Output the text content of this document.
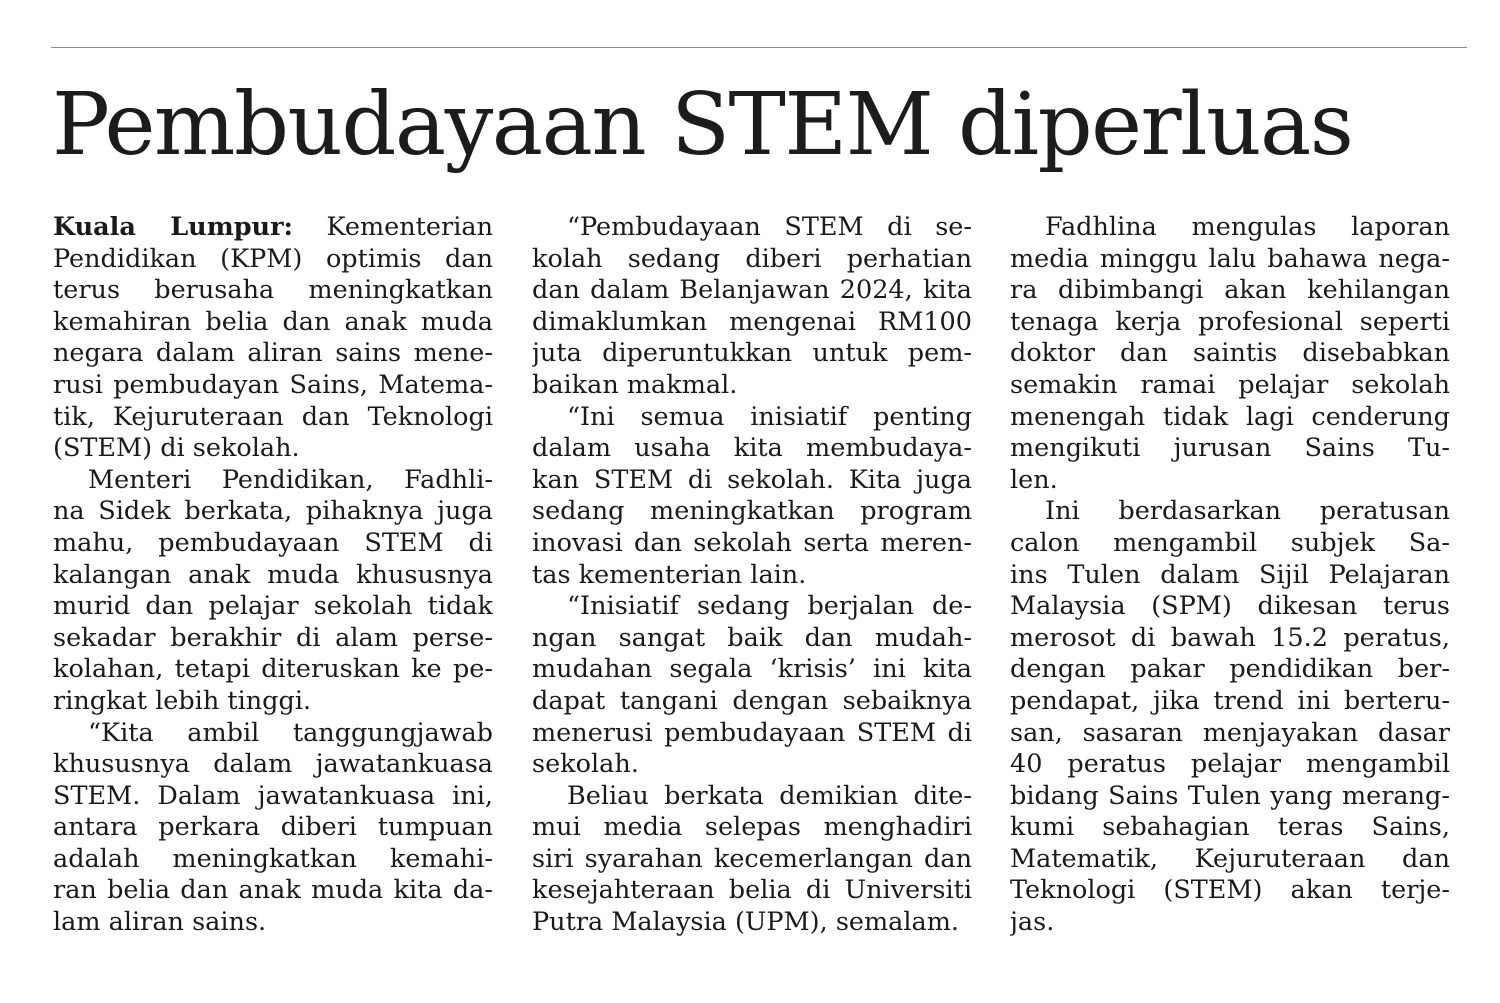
Pembudayaan STEM diperluas
Kuala Lumpur: Kementerian
Pendidikan (KPM) optimis dan
terus berusaha meningkatkan
kemahiran belia dan anak muda
negara dalam aliran sains mene-
rusi pembudayan Sains, Matema-
tik, Kejuruteraan dan Teknologi
(STEM) di sekolah.
Menteri Pendidikan, Fadhli-
na Sidek berkata, pihaknya juga
mahu, pembudayaan STEM di
kalangan anak muda khususnya
murid dan pelajar sekolah tidak
sekadar berakhir di alam perse-
kolahan, tetapi diteruskan ke pe-
ringkat lebih tinggi.
“Kita ambil tanggungjawab
khususnya dalam jawatankuasa
STEM. Dalam jawatankuasa ini,
antara perkara diberi tumpuan
adalah meningkatkan kemahi-
ran belia dan anak muda kita da-
lam aliran sains.
“Pembudayaan STEM di se-
kolah sedang diberi perhatian
dan dalam Belanjawan 2024, kita
dimaklumkan mengenai RM100
juta diperuntukkan untuk pem-
baikan makmal.
“Ini semua inisiatif penting
dalam usaha kita membudaya-
kan STEM di sekolah. Kita juga
sedang meningkatkan program
inovasi dan sekolah serta meren-
tas kementerian lain.
“Inisiatif sedang berjalan de-
ngan sangat baik dan mudah-
mudahan segala ‘krisis’ ini kita
dapat tangani dengan sebaiknya
menerusi pembudayaan STEM di
sekolah.
Beliau berkata demikian dite-
mui media selepas menghadiri
siri syarahan kecemerlangan dan
kesejahteraan belia di Universiti
Putra Malaysia (UPM), semalam.
Fadhlina mengulas laporan
media minggu lalu bahawa nega-
ra dibimbangi akan kehilangan
tenaga kerja profesional seperti
doktor dan saintis disebabkan
semakin ramai pelajar sekolah
menengah tidak lagi cenderung
mengikuti jurusan Sains Tu-
len.
Ini berdasarkan peratusan
calon mengambil subjek Sa-
ins Tulen dalam Sijil Pelajaran
Malaysia (SPM) dikesan terus
merosot di bawah 15.2 peratus,
dengan pakar pendidikan ber-
pendapat, jika trend ini berteru-
san, sasaran menjayakan dasar
40 peratus pelajar mengambil
bidang Sains Tulen yang merang-
kumi sebahagian teras Sains,
Matematik, Kejuruteraan dan
Teknologi (STEM) akan terje-
jas.
